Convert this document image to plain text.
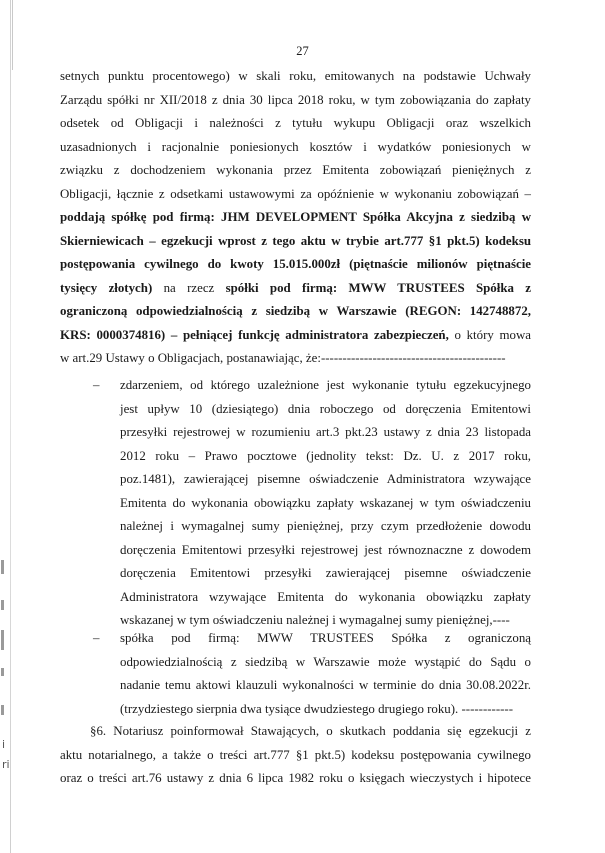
i
ri
27
setnych punktu procentowego) w skali roku, emitowanych na podstawie Uchwały
Zarządu spółki nr XII/2018 z dnia 30 lipca 2018 roku, w tym zobowiązania do zapłaty
odsetek od Obligacji i należności z tytułu wykupu Obligacji oraz wszelkich
uzasadnionych i racjonalnie poniesionych kosztów i wydatków poniesionych w
związku z dochodzeniem wykonania przez Emitenta zobowiązań pieniężnych z
Obligacji, łącznie z odsetkami ustawowymi za opóźnienie w wykonaniu zobowiązań –
poddają spółkę pod firmą: JHM DEVELOPMENT Spółka Akcyjna z siedzibą w
Skierniewicach – egzekucji wprost z tego aktu w trybie art.777 §1 pkt.5) kodeksu
postępowania cywilnego do kwoty 15.015.000zł (piętnaście milionów piętnaście
tysięcy złotych) na rzecz spółki pod firmą: MWW TRUSTEES Spółka z
ograniczoną odpowiedzialnością z siedzibą w Warszawie (REGON: 142748872,
KRS: 0000374816) – pełniącej funkcję administratora zabezpieczeń, o który mowa
w art.29 Ustawy o Obligacjach, postanawiając, że:-------------------------------------------
– zdarzeniem, od którego uzależnione jest wykonanie tytułu egzekucyjnego
jest upływ 10 (dziesiątego) dnia roboczego od doręczenia Emitentowi
przesyłki rejestrowej w rozumieniu art.3 pkt.23 ustawy z dnia 23 listopada
2012 roku – Prawo pocztowe (jednolity tekst: Dz. U. z 2017 roku,
poz.1481), zawierającej pisemne oświadczenie Administratora wzywające
Emitenta do wykonania obowiązku zapłaty wskazanej w tym oświadczeniu
należnej i wymagalnej sumy pieniężnej, przy czym przedłożenie dowodu
doręczenia Emitentowi przesyłki rejestrowej jest równoznaczne z dowodem
doręczenia Emitentowi przesyłki zawierającej pisemne oświadczenie
Administratora wzywające Emitenta do wykonania obowiązku zapłaty
wskazanej w tym oświadczeniu należnej i wymagalnej sumy pieniężnej,----
– spółka pod firmą: MWW TRUSTEES Spółka z ograniczoną
odpowiedzialnością z siedzibą w Warszawie może wystąpić do Sądu o
nadanie temu aktowi klauzuli wykonalności w terminie do dnia 30.08.2022r.
(trzydziestego sierpnia dwa tysiące dwudziestego drugiego roku). ------------
§6. Notariusz poinformował Stawających, o skutkach poddania się egzekucji z
aktu notarialnego, a także o treści art.777 §1 pkt.5) kodeksu postępowania cywilnego
oraz o treści art.76 ustawy z dnia 6 lipca 1982 roku o księgach wieczystych i hipotece
